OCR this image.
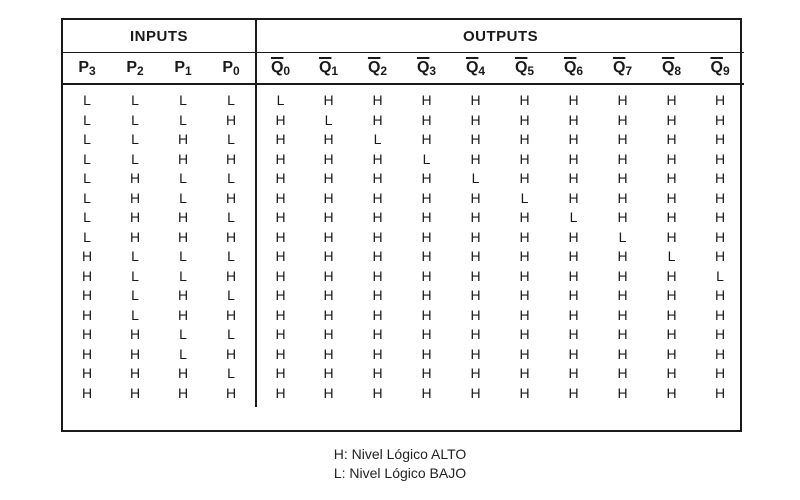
INPUTS				OUTPUTS									
$P_3$	$P_2$	$P_1$	$P_0$	$\overline{Q}_0$	$\overline{Q}_1$	$\overline{Q}_2$	$\overline{Q}_3$	$\overline{Q}_4$	$\overline{Q}_5$	$\overline{Q}_6$	$\overline{Q}_7$	$\overline{Q}_8$	$\overline{Q}_9$
L	L	L	L	L	H	H	H	H	H	H	H	H	H
L	L	L	H	H	L	H	H	H	H	H	H	H	H
L	L	H	L	H	H	L	H	H	H	H	H	H	H
L	L	H	H	H	H	H	L	H	H	H	H	H	H
L	H	L	L	H	H	H	H	L	H	H	H	H	H
L	H	L	H	H	H	H	H	H	L	H	H	H	H
L	H	H	L	H	H	H	H	H	H	L	H	H	H
L	H	H	H	H	H	H	H	H	H	H	L	H	H
H	L	L	L	H	H	H	H	H	H	H	H	L	H
H	L	L	H	H	H	H	H	H	H	H	H	H	L
H	L	H	L	H	H	H	H	H	H	H	H	H	H
H	L	H	H	H	H	H	H	H	H	H	H	H	H
H	H	L	L	H	H	H	H	H	H	H	H	H	H
H	H	L	H	H	H	H	H	H	H	H	H	H	H
H	H	H	L	H	H	H	H	H	H	H	H	H	H
H	H	H	H	H	H	H	H	H	H	H	H	H	H
H: Nivel Lógico ALTO
L: Nivel Lógico BAJO
